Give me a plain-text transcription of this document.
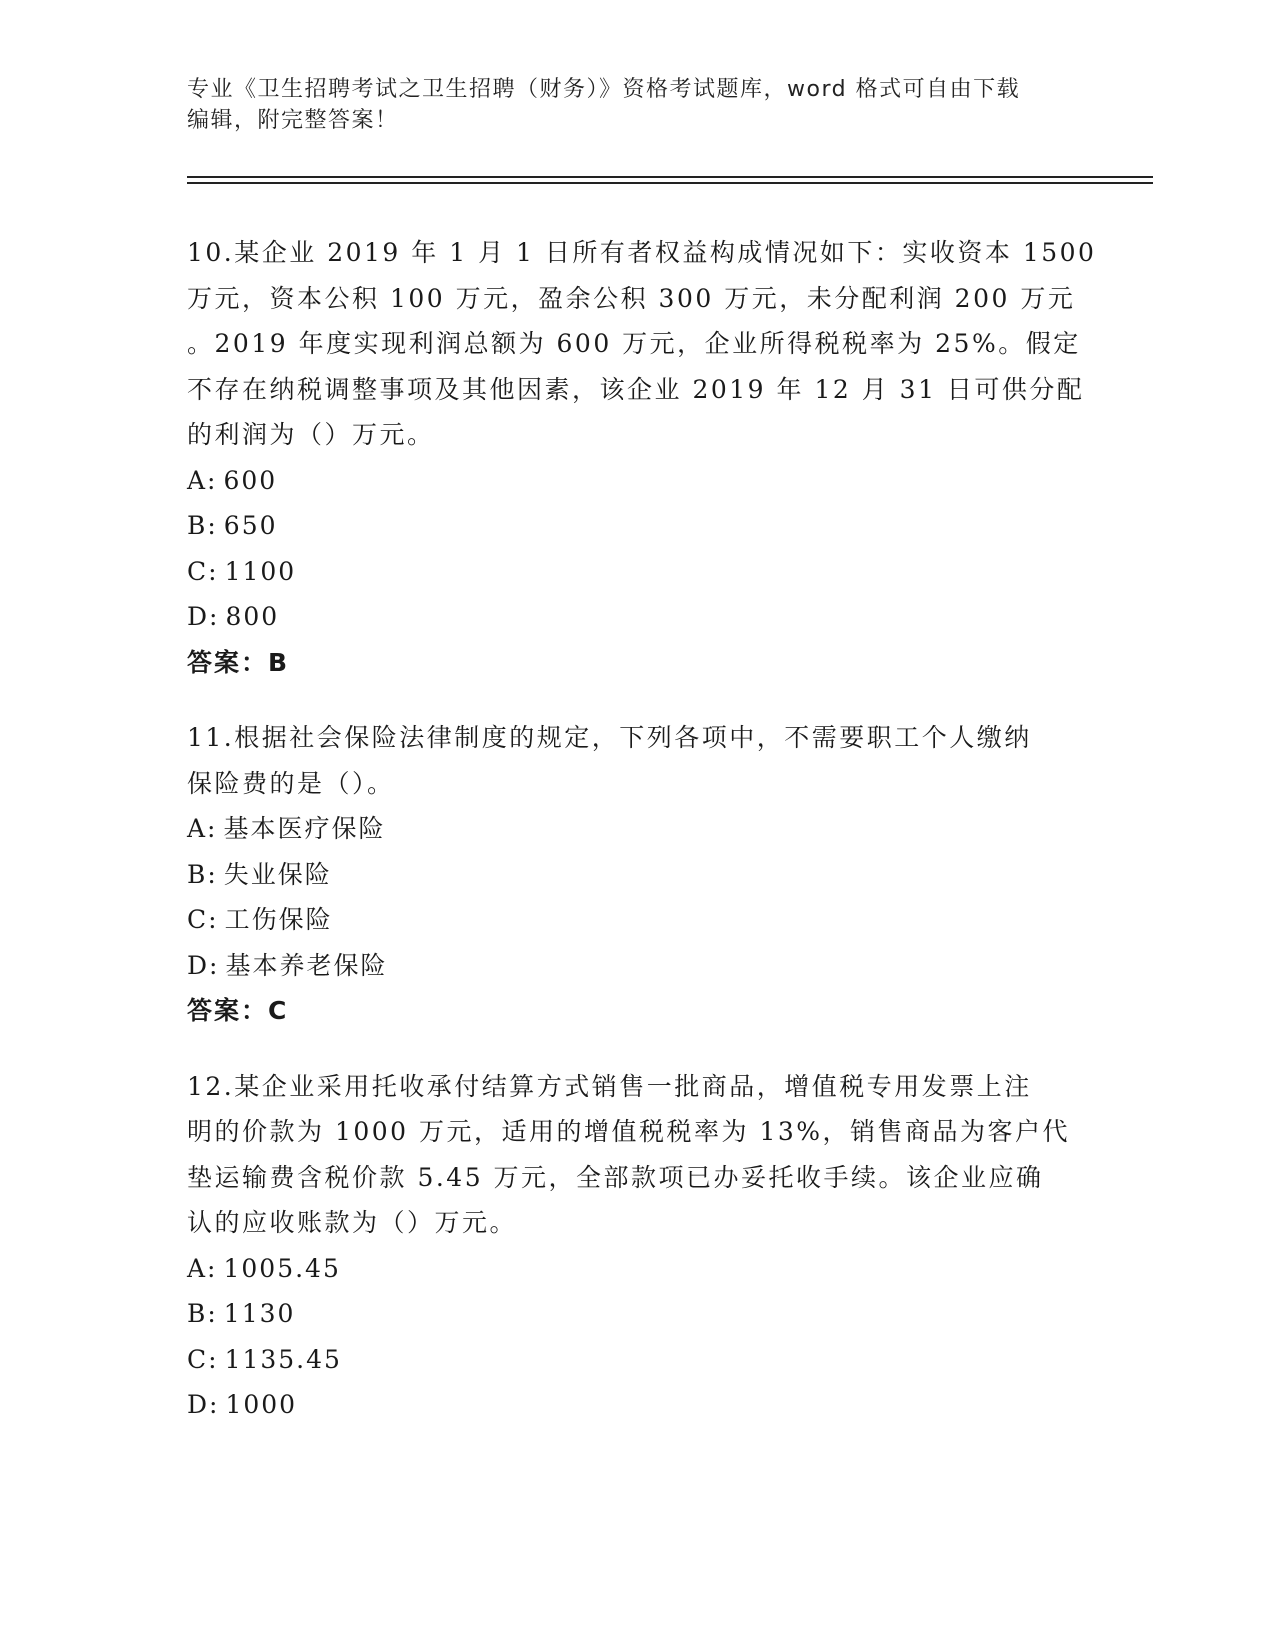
专业《卫生招聘考试之卫生招聘（财务）》资格考试题库，word 格式可自由下载
编辑，附完整答案！
10.某企业 2019 年 1 月 1 日所有者权益构成情况如下：实收资本 1500
万元，资本公积 100 万元，盈余公积 300 万元，未分配利润 200 万元
。2019 年度实现利润总额为 600 万元，企业所得税税率为 25%。假定
不存在纳税调整事项及其他因素，该企业 2019 年 12 月 31 日可供分配
的利润为（）万元。
A: 600
B: 650
C: 1100
D: 800
答案：B
11.根据社会保险法律制度的规定，下列各项中，不需要职工个人缴纳
保险费的是（）。
A: 基本医疗保险
B: 失业保险
C: 工伤保险
D: 基本养老保险
答案：C
12.某企业采用托收承付结算方式销售一批商品，增值税专用发票上注
明的价款为 1000 万元，适用的增值税税率为 13%，销售商品为客户代
垫运输费含税价款 5.45 万元，全部款项已办妥托收手续。该企业应确
认的应收账款为（）万元。
A: 1005.45
B: 1130
C: 1135.45
D: 1000
